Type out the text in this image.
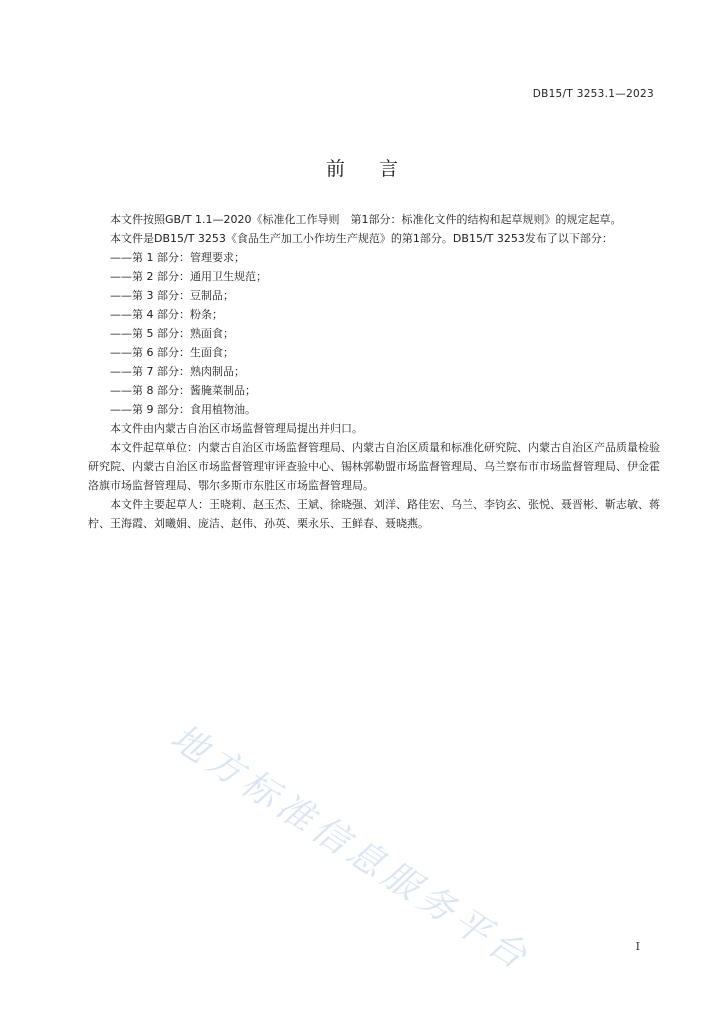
DB15/T 3253.1—2023
前言

本文件按照GB/T 1.1—2020《标准化工作导则　第1部分：标准化文件的结构和起草规则》的规定起草。

本文件是DB15/T 3253《食品生产加工小作坊生产规范》的第1部分。DB15/T 3253发布了以下部分：

——第 1 部分：管理要求；

——第 2 部分：通用卫生规范；

——第 3 部分：豆制品；

——第 4 部分：粉条；

——第 5 部分：熟面食；

——第 6 部分：生面食；

——第 7 部分：熟肉制品；

——第 8 部分：酱腌菜制品；

——第 9 部分：食用植物油。

本文件由内蒙古自治区市场监督管理局提出并归口。

本文件起草单位：内蒙古自治区市场监督管理局、内蒙古自治区质量和标准化研究院、内蒙古自治区产品质量检验研究院、内蒙古自治区市场监督管理审评查验中心、锡林郭勒盟市场监督管理局、乌兰察布市市场监督管理局、伊金霍洛旗市场监督管理局、鄂尔多斯市东胜区市场监督管理局。

本文件主要起草人：王晓莉、赵玉杰、王斌、徐晓强、刘洋、路佳宏、乌兰、李钧玄、张悦、聂晋彬、靳志敏、蒋柠、王海霞、刘曦娟、庞洁、赵伟、孙英、栗永乐、王鲜春、聂晓燕。

地方标准信息服务平台	I
